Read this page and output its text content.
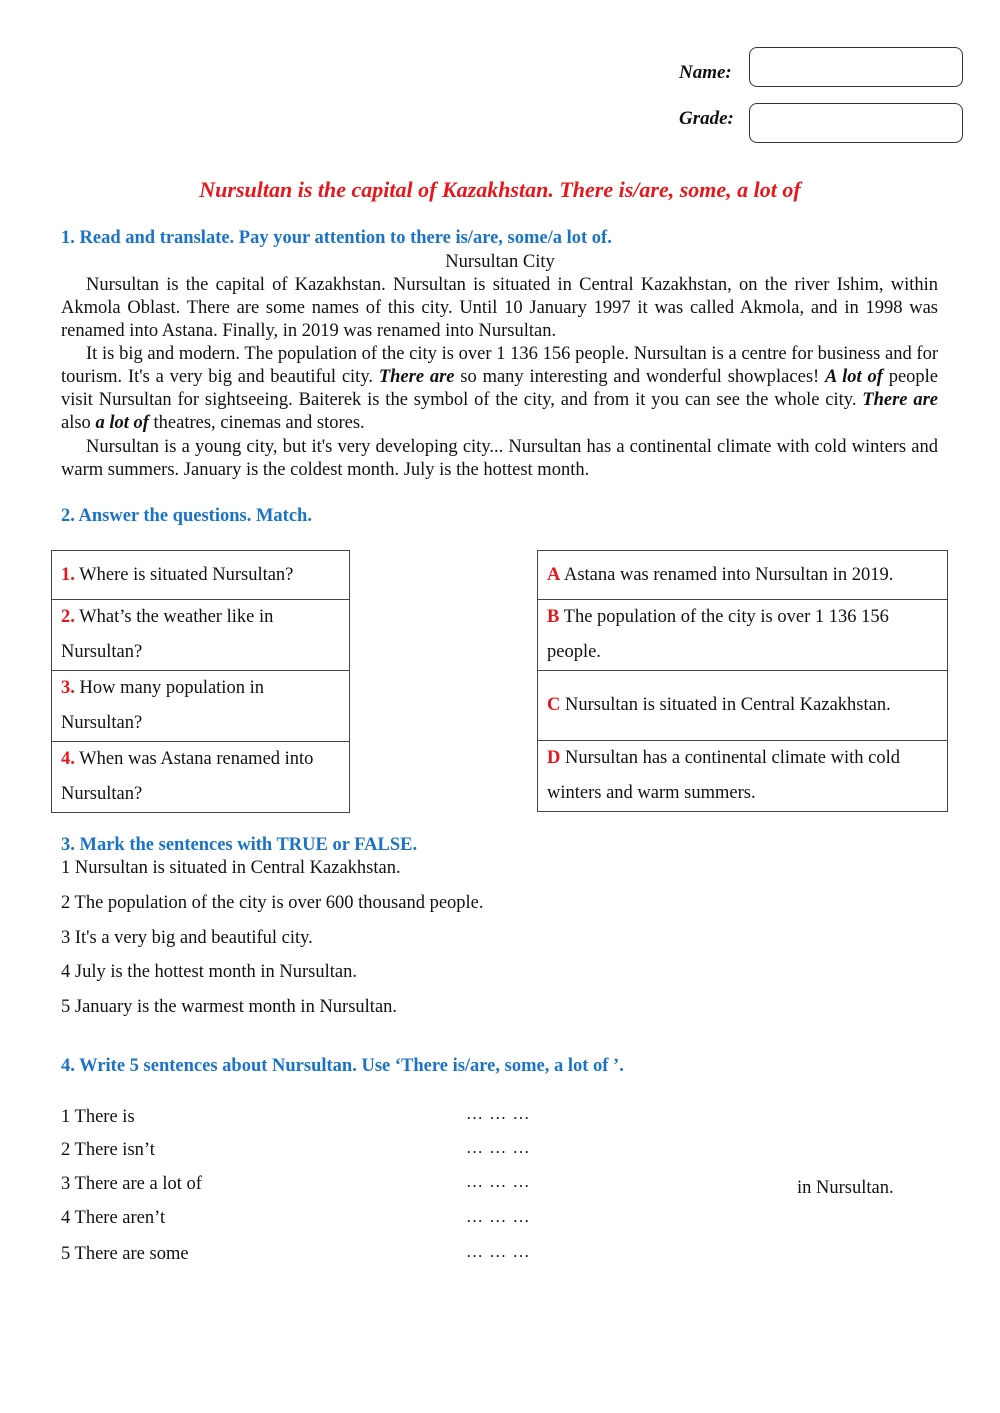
Name:
Grade:
Nursultan is the capital of Kazakhstan. There is/are, some, a lot of
1. Read and translate. Pay your attention to there is/are, some/a lot of.
Nursultan City
Nursultan is the capital of Kazakhstan. Nursultan is situated in Central Kazakhstan, on the river Ishim, within Akmola Oblast. There are some names of this city. Until 10 January 1997 it was called Akmola, and in 1998 was renamed into Astana. Finally, in 2019 was renamed into Nursultan.
It is big and modern. The population of the city is over 1 136 156 people. Nursultan is a centre for business and for tourism. It's a very big and beautiful city. There are so many interesting and wonderful showplaces! A lot of people visit Nursultan for sightseeing. Baiterek is the symbol of the city, and from it you can see the whole city. There are also a lot of theatres, cinemas and stores.
Nursultan is a young city, but it's very developing city... Nursultan has a continental climate with cold winters and warm summers. January is the coldest month. July is the hottest month.
2. Answer the questions. Match.
1. Where is situated Nursultan?
2. What’s the weather like in Nursultan?
3. How many population in Nursultan?
4. When was Astana renamed into Nursultan?
A Astana was renamed into Nursultan in 2019.
B The population of the city is over 1 136 156 people.
C Nursultan is situated in Central Kazakhstan.
D Nursultan has a continental climate with cold winters and warm summers.
3. Mark the sentences with TRUE or FALSE.
1 Nursultan is situated in Central Kazakhstan.
2 The population of the city is over 600 thousand people.
3 It's a very big and beautiful city.
4 July is the hottest month in Nursultan.
5 January is the warmest month in Nursultan.
4. Write 5 sentences about Nursultan. Use ‘There is/are, some, a lot of ’.
1 There is	… … …
2 There isn’t	… … …
3 There are a lot of	… … …
4 There aren’t	… … …
5 There are some	… … …
in Nursultan.
